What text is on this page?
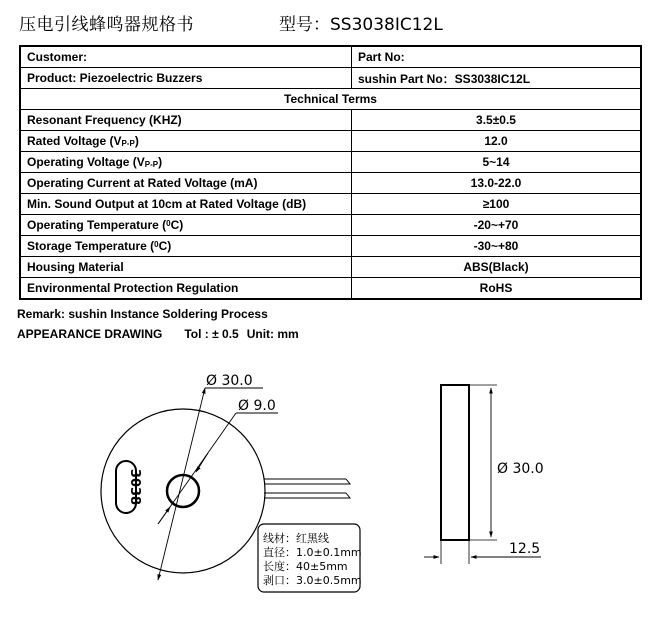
压电引线蜂鸣器规格书	型号：SS3038IC12L
Customer:	Part No:
Product: Piezoelectric Buzzers	sushin Part No：SS3038IC12L
Technical Terms	
Resonant Frequency (KHZ)	3.5±0.5
Rated Voltage $(V_{P-P})$	12.0
Operating Voltage $(V_{P-P})$	5~14
Operating Current at Rated Voltage (mA)	13.0-22.0
Min. Sound Output at 10cm at Rated Voltage (dB)	≥100
Operating Temperature ($^0$C)	-20~+70
Storage Temperature ($^0$C)	-30~+80
Housing Material	ABS(Black)
Environmental Protection Regulation	RoHS
Remark: sushin Instance Soldering Process
APPEARANCE DRAWING Tol : ± 0.5 Unit: mm
3038
Ø 30.0
Ø 9.0
线材：红黑线
直径：1.0±0.1mm
长度：40±5mm
剥口：3.0±0.5mm
Ø 30.0
12.5
